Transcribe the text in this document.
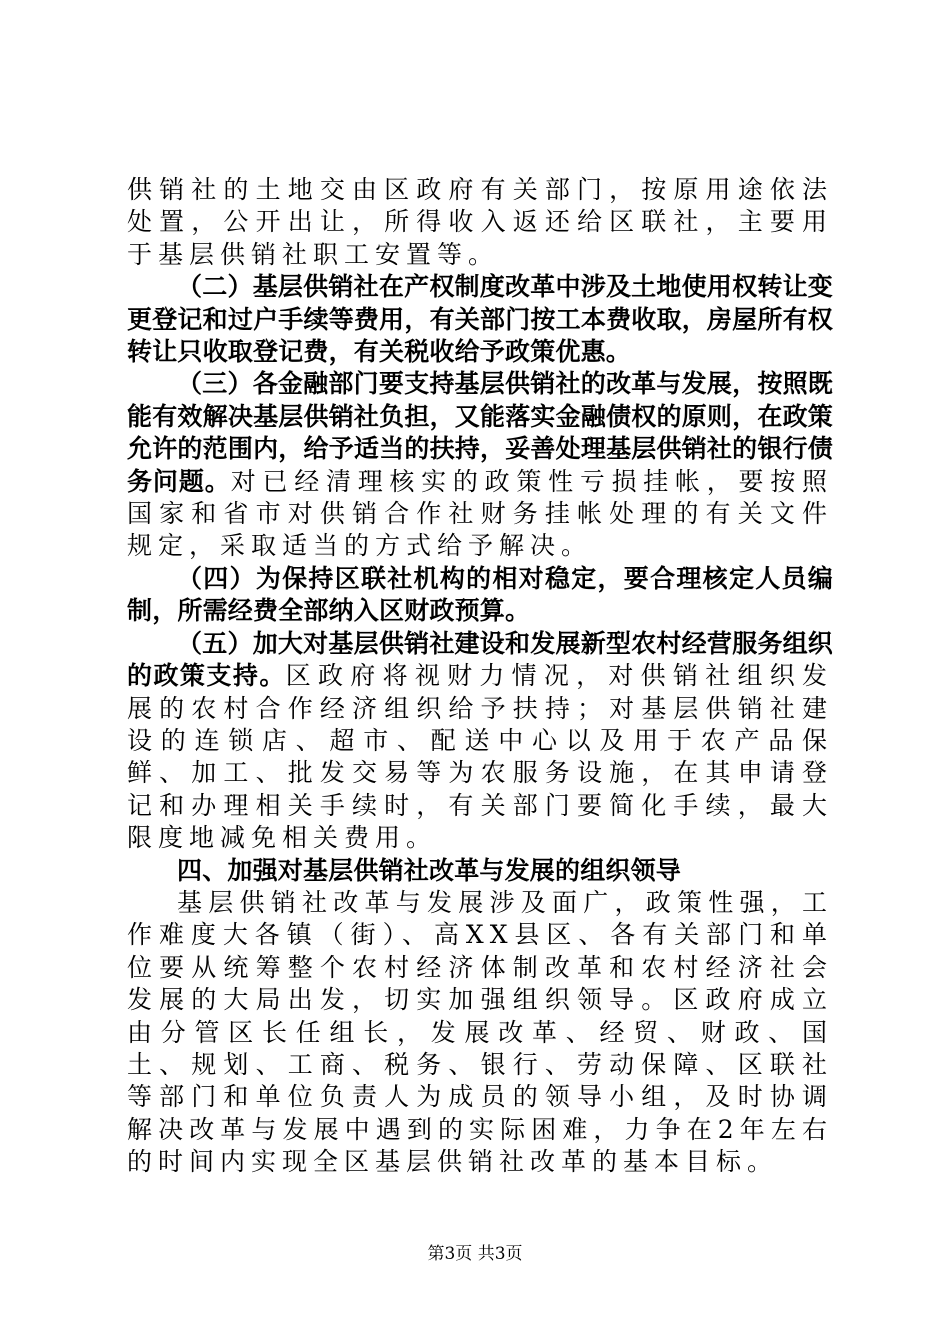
供销社的土地交由区政府有关部门，按原用途依法处置，公开出让，所得收入返还给区联社，主要用于基层供销社职工安置等。

（二）基层供销社在产权制度改革中涉及土地使用权转让变更登记和过户手续等费用，有关部门按工本费收取，房屋所有权转让只收取登记费，有关税收给予政策优惠。

（三）各金融部门要支持基层供销社的改革与发展，按照既能有效解决基层供销社负担，又能落实金融债权的原则，在政策允许的范围内，给予适当的扶持，妥善处理基层供销社的银行债务问题。对已经清理核实的政策性亏损挂帐，要按照国家和省市对供销合作社财务挂帐处理的有关文件规定，采取适当的方式给予解决。

（四）为保持区联社机构的相对稳定，要合理核定人员编制，所需经费全部纳入区财政预算。

（五）加大对基层供销社建设和发展新型农村经营服务组织的政策支持。区政府将视财力情况，对供销社组织发展的农村合作经济组织给予扶持；对基层供销社建设的连锁店、超市、配送中心以及用于农产品保鲜、加工、批发交易等为农服务设施，在其申请登记和办理相关手续时，有关部门要简化手续，最大限度地减免相关费用。

四、加强对基层供销社改革与发展的组织领导

基层供销社改革与发展涉及面广，政策性强，工作难度大各镇（街）、高XX县区、各有关部门和单位要从统筹整个农村经济体制改革和农村经济社会发展的大局出发，切实加强组织领导。区政府成立由分管区长任组长，发展改革、经贸、财政、国土、规划、工商、税务、银行、劳动保障、区联社等部门和单位负责人为成员的领导小组，及时协调解决改革与发展中遇到的实际困难，力争在2年左右的时间内实现全区基层供销社改革的基本目标。

第3页 共3页
